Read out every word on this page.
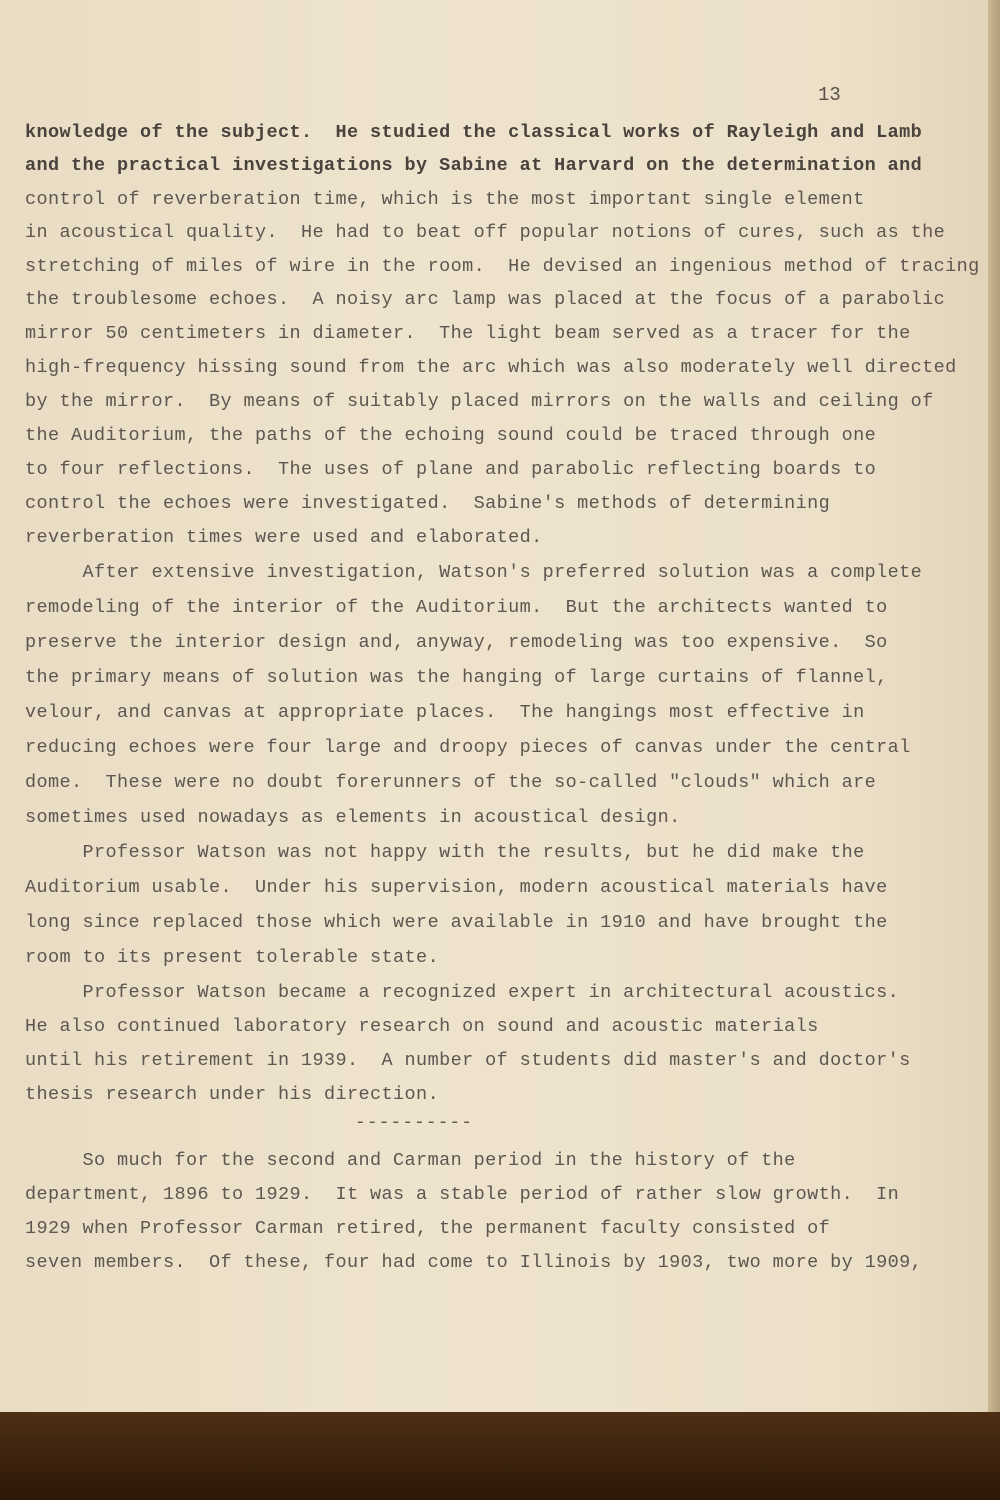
13
knowledge of the subject.  He studied the classical works of Rayleigh and Lamb
and the practical investigations by Sabine at Harvard on the determination and
control of reverberation time, which is the most important single element
in acoustical quality.  He had to beat off popular notions of cures, such as the
stretching of miles of wire in the room.  He devised an ingenious method of tracing
the troublesome echoes.  A noisy arc lamp was placed at the focus of a parabolic
mirror 50 centimeters in diameter.  The light beam served as a tracer for the
high-frequency hissing sound from the arc which was also moderately well directed
by the mirror.  By means of suitably placed mirrors on the walls and ceiling of
the Auditorium, the paths of the echoing sound could be traced through one
to four reflections.  The uses of plane and parabolic reflecting boards to
control the echoes were investigated.  Sabine's methods of determining
reverberation times were used and elaborated.
After extensive investigation, Watson's preferred solution was a complete
remodeling of the interior of the Auditorium.  But the architects wanted to
preserve the interior design and, anyway, remodeling was too expensive.  So
the primary means of solution was the hanging of large curtains of flannel,
velour, and canvas at appropriate places.  The hangings most effective in
reducing echoes were four large and droopy pieces of canvas under the central
dome.  These were no doubt forerunners of the so-called "clouds" which are
sometimes used nowadays as elements in acoustical design.
Professor Watson was not happy with the results, but he did make the
Auditorium usable.  Under his supervision, modern acoustical materials have
long since replaced those which were available in 1910 and have brought the
room to its present tolerable state.
Professor Watson became a recognized expert in architectural acoustics.
He also continued laboratory research on sound and acoustic materials
until his retirement in 1939.  A number of students did master's and doctor's
thesis research under his direction.
So much for the second and Carman period in the history of the
department, 1896 to 1929.  It was a stable period of rather slow growth.  In
1929 when Professor Carman retired, the permanent faculty consisted of
seven members.  Of these, four had come to Illinois by 1903, two more by 1909,
----------
